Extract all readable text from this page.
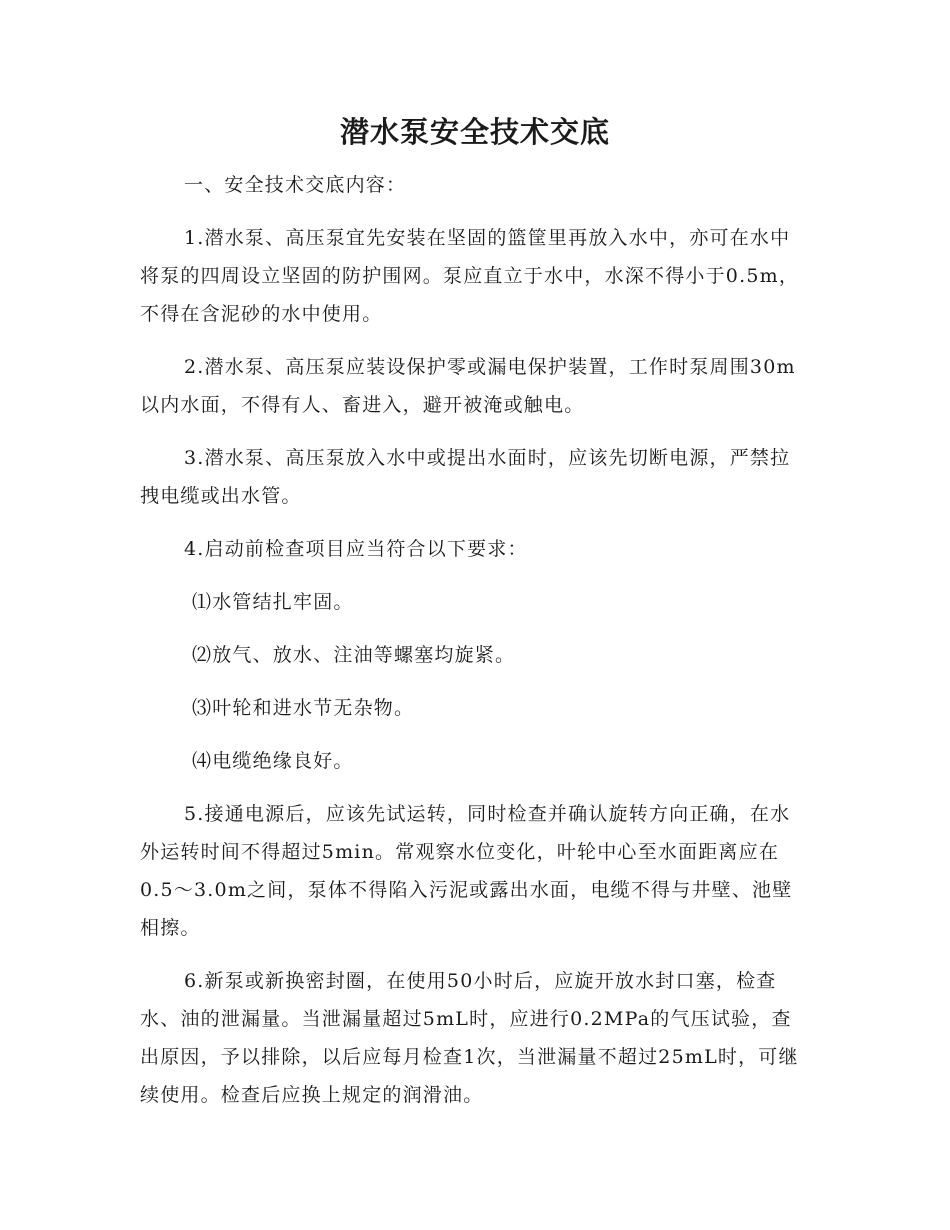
潜水泵安全技术交底

一、安全技术交底内容：

1.潜水泵、高压泵宜先安装在坚固的篮筐里再放入水中，亦可在水中将泵的四周设立坚固的防护围网。泵应直立于水中，水深不得小于0.5m，不得在含泥砂的水中使用。

2.潜水泵、高压泵应装设保护零或漏电保护装置，工作时泵周围30m以内水面，不得有人、畜进入，避开被淹或触电。

3.潜水泵、高压泵放入水中或提出水面时，应该先切断电源，严禁拉拽电缆或出水管。

4.启动前检查项目应当符合以下要求：

⑴水管结扎牢固。

⑵放气、放水、注油等螺塞均旋紧。

⑶叶轮和进水节无杂物。

⑷电缆绝缘良好。

5.接通电源后，应该先试运转，同时检查并确认旋转方向正确，在水外运转时间不得超过5min。常观察水位变化，叶轮中心至水面距离应在0.5～3.0m之间，泵体不得陷入污泥或露出水面，电缆不得与井壁、池壁相擦。

6.新泵或新换密封圈，在使用50小时后，应旋开放水封口塞，检查水、油的泄漏量。当泄漏量超过5mL时，应进行0.2MPa的气压试验，查出原因，予以排除，以后应每月检查1次，当泄漏量不超过25mL时，可继续使用。检查后应换上规定的润滑油。
